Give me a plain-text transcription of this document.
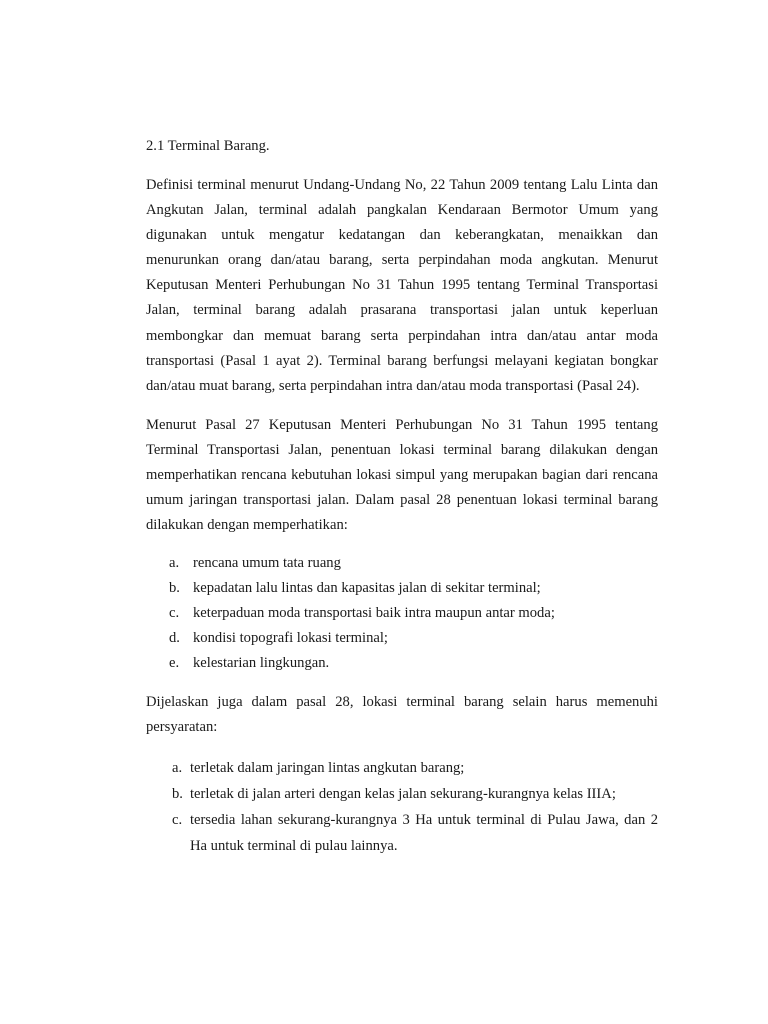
2.1 Terminal Barang.

Definisi terminal menurut Undang-Undang No, 22 Tahun 2009 tentang Lalu Linta dan Angkutan Jalan, terminal adalah pangkalan Kendaraan Bermotor Umum yang digunakan untuk mengatur kedatangan dan keberangkatan, menaikkan dan menurunkan orang dan/atau barang, serta perpindahan moda angkutan. Menurut Keputusan Menteri Perhubungan No 31 Tahun 1995 tentang Terminal Transportasi Jalan, terminal barang adalah prasarana transportasi jalan untuk keperluan membongkar dan memuat barang serta perpindahan intra dan/atau antar moda transportasi (Pasal 1 ayat 2). Terminal barang berfungsi melayani kegiatan bongkar dan/atau muat barang, serta perpindahan intra dan/atau moda transportasi (Pasal 24).

Menurut Pasal 27 Keputusan Menteri Perhubungan No 31 Tahun 1995 tentang Terminal Transportasi Jalan, penentuan lokasi terminal barang dilakukan dengan memperhatikan rencana kebutuhan lokasi simpul yang merupakan bagian dari rencana umum jaringan transportasi jalan. Dalam pasal 28 penentuan lokasi terminal barang dilakukan dengan memperhatikan:

a. rencana umum tata ruang
b. kepadatan lalu lintas dan kapasitas jalan di sekitar terminal;
c. keterpaduan moda transportasi baik intra maupun antar moda;
d. kondisi topografi lokasi terminal;
e. kelestarian lingkungan.

Dijelaskan juga dalam pasal 28, lokasi terminal barang selain harus memenuhi persyaratan:

a. terletak dalam jaringan lintas angkutan barang;
b. terletak di jalan arteri dengan kelas jalan sekurang-kurangnya kelas IIIA;
c. tersedia lahan sekurang-kurangnya 3 Ha untuk terminal di Pulau Jawa, dan 2 Ha untuk terminal di pulau lainnya.
